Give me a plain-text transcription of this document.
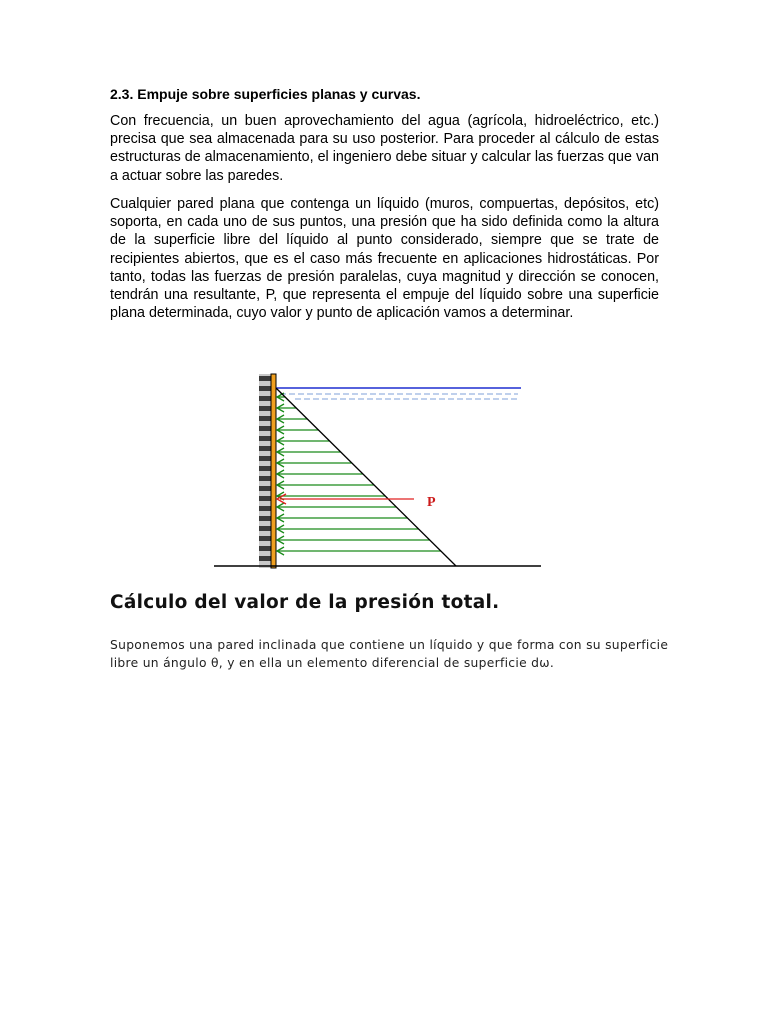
2.3. Empuje sobre superficies planas y curvas.

Con frecuencia, un buen aprovechamiento del agua (agrícola, hidroeléctrico, etc.) precisa que sea almacenada para su uso posterior. Para proceder al cálculo de estas estructuras de almacenamiento, el ingeniero debe situar y calcular las fuerzas que van a actuar sobre las paredes.

Cualquier pared plana que contenga un líquido (muros, compuertas, depósitos, etc) soporta, en cada uno de sus puntos, una presión que ha sido definida como la altura de la superficie libre del líquido al punto considerado, siempre que se trate de recipientes abiertos, que es el caso más frecuente en aplicaciones hidrostáticas. Por tanto, todas las fuerzas de presión paralelas, cuya magnitud y dirección se conocen, tendrán una resultante, P, que representa el empuje del líquido sobre una superficie plana determinada, cuyo valor y punto de aplicación vamos a determinar.

P
Cálculo del valor de la presión total.

Suponemos una pared inclinada que contiene un líquido y que forma con su superficie libre un ángulo θ, y en ella un elemento diferencial de superficie dω.
